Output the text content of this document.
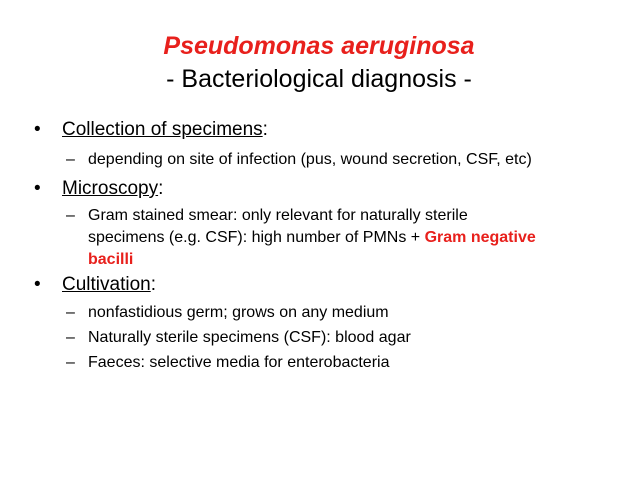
Pseudomonas aeruginosa
- Bacteriological diagnosis -
• Collection of specimens:
– depending on site of infection (pus, wound secretion, CSF, etc)
• Microscopy:
– Gram stained smear: only relevant for naturally sterile
specimens (e.g. CSF): high number of PMNs + Gram negative
bacilli
• Cultivation:
– nonfastidious germ; grows on any medium
– Naturally sterile specimens (CSF): blood agar
– Faeces: selective media for enterobacteria
